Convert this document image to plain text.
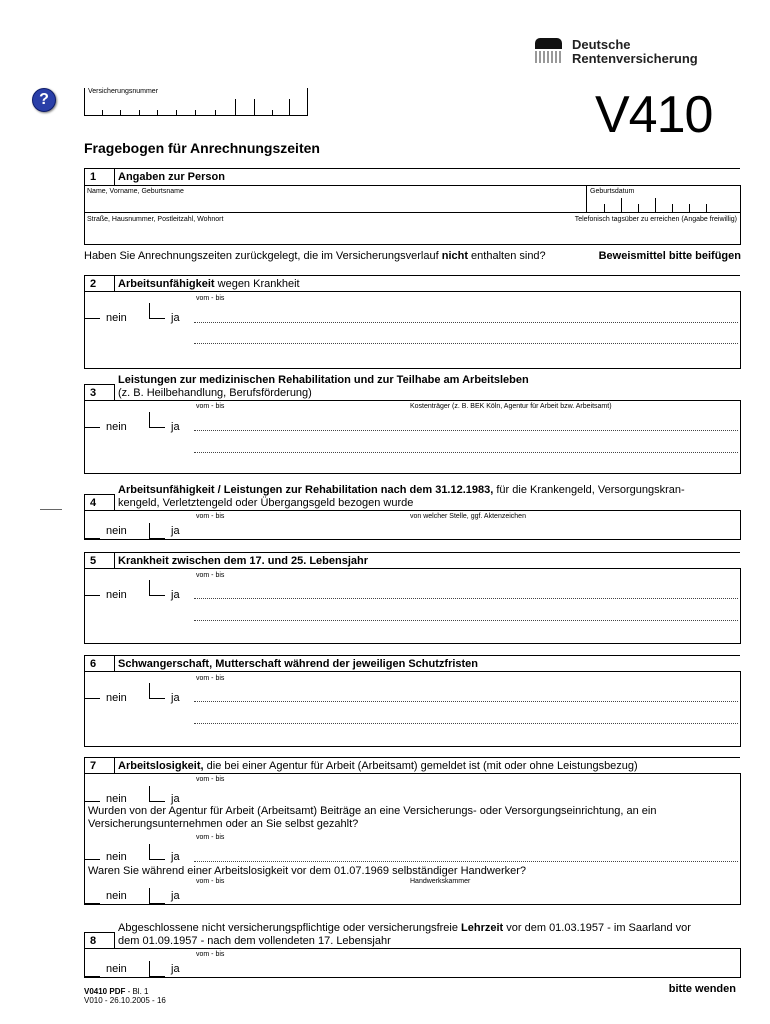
?
Deutsche
Rentenversicherung
V410
Versicherungsnummer
Fragebogen für Anrechnungszeiten
1 Angaben zur Person
Name, Vorname, Geburtsname	Geburtsdatum
Straße, Hausnummer, Postleitzahl, Wohnort	Telefonisch tagsüber zu erreichen (Angabe freiwillig)
Haben Sie Anrechnungszeiten zurückgelegt, die im Versicherungsverlauf nicht enthalten sind?	Beweismittel bitte beifügen
2 Arbeitsunfähigkeit wegen Krankheit
vom - bis
nein	ja
Leistungen zur medizinischen Rehabilitation und zur Teilhabe am Arbeitsleben
(z. B. Heilbehandlung, Berufsförderung)
3
vom - bis	Kostenträger (z. B. BEK Köln, Agentur für Arbeit bzw. Arbeitsamt)
nein	ja
Arbeitsunfähigkeit / Leistungen zur Rehabilitation nach dem 31.12.1983, für die Krankengeld, Versorgungskran-
kengeld, Verletztengeld oder Übergangsgeld bezogen wurde
4
vom - bis	von welcher Stelle, ggf. Aktenzeichen
nein	ja
5 Krankheit zwischen dem 17. und 25. Lebensjahr
vom - bis
nein	ja
6 Schwangerschaft, Mutterschaft während der jeweiligen Schutzfristen
vom - bis
nein	ja
7 Arbeitslosigkeit, die bei einer Agentur für Arbeit (Arbeitsamt) gemeldet ist (mit oder ohne Leistungsbezug)
vom - bis
nein	ja
Wurden von der Agentur für Arbeit (Arbeitsamt) Beiträge an eine Versicherungs- oder Versorgungseinrichtung, an ein
Versicherungsunternehmen oder an Sie selbst gezahlt?
vom - bis
nein	ja
Waren Sie während einer Arbeitslosigkeit vor dem 01.07.1969 selbständiger Handwerker?
vom - bis	Handwerkskammer
nein	ja
Abgeschlossene nicht versicherungspflichtige oder versicherungsfreie Lehrzeit vor dem 01.03.1957 - im Saarland vor
dem 01.09.1957 - nach dem vollendeten 17. Lebensjahr
8
vom - bis
nein	ja
V0410 PDF - Bl. 1
V010 - 26.10.2005 - 16
bitte wenden
